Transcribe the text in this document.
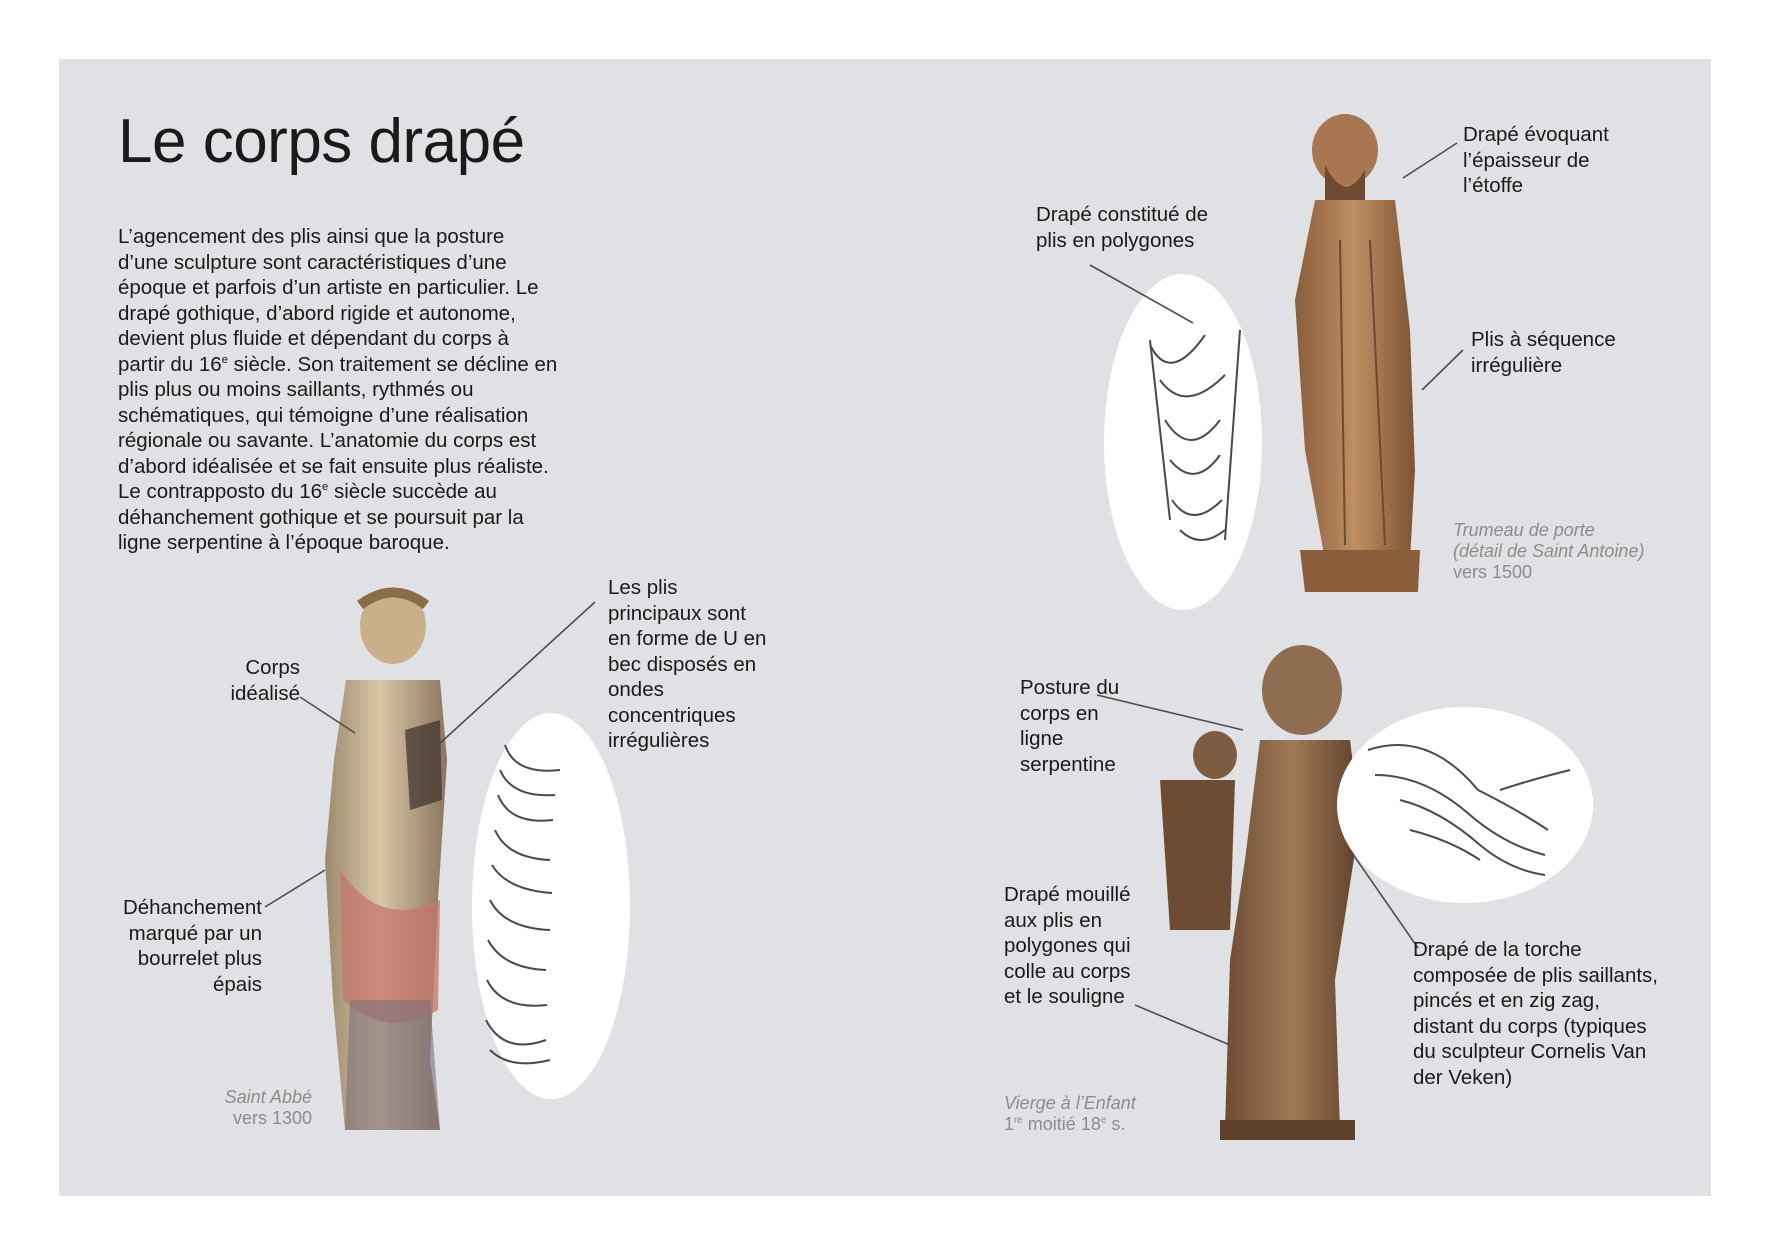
Le corps drapé
L’agencement des plis ainsi que la posture d’une sculpture sont caractéristiques d’une époque et parfois d’un artiste en particulier. Le drapé gothique, d’abord rigide et autonome, devient plus fluide et dépendant du corps à partir du 16e siècle. Son traitement se décline en plis plus ou moins saillants, rythmés ou schématiques, qui témoigne d’une réalisation régionale ou savante. L’anatomie du corps est d’abord idéalisée et se fait ensuite plus réaliste. Le contrapposto du 16e siècle succède au déhanchement gothique et se poursuit par la ligne serpentine à l’époque baroque.
Corps idéalisé
Déhanchement marqué par un bourrelet plus épais
Les plis principaux sont en forme de U en bec disposés en ondes concentriques irrégulières
Saint Abbé
vers 1300
Drapé constitué de plis en polygones
Drapé évoquant l’épaisseur de l’étoffe
Plis à séquence irrégulière
Trumeau de porte
(détail de Saint Antoine)
vers 1500
Posture du corps en ligne serpentine
Drapé mouillé aux plis en polygones qui colle au corps et le souligne
Drapé de la torche composée de plis saillants, pincés et en zig zag, distant du corps (typiques du sculpteur Cornelis Van der Veken)
Vierge à l’Enfant
1re moitié 18e s.
